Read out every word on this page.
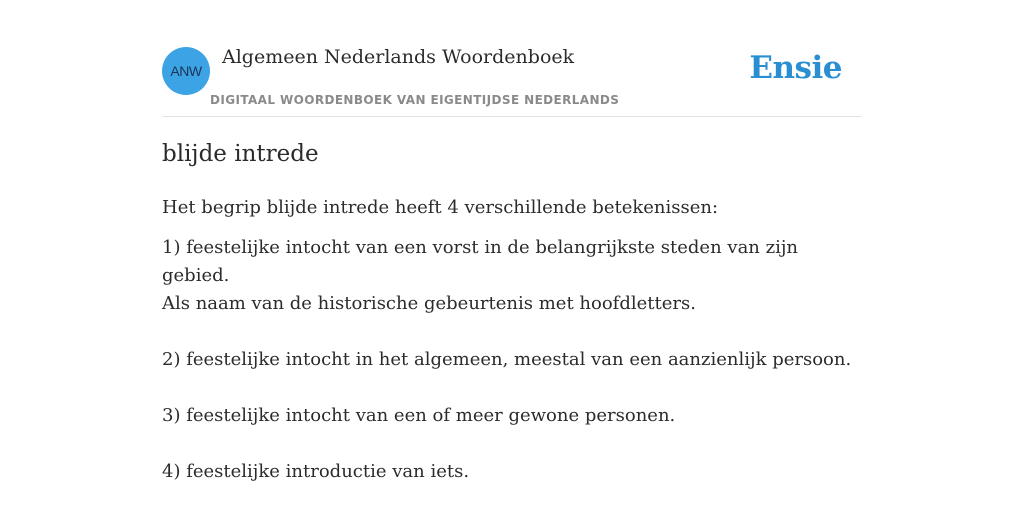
ANW
Algemeen Nederlands Woordenboek
DIGITAAL WOORDENBOEK VAN EIGENTIJDSE NEDERLANDS
Ensie
blijde intrede

Het begrip blijde intrede heeft 4 verschillende betekenissen:

1) feestelijke intocht van een vorst in de belangrijkste steden van zijn gebied.
Als naam van de historische gebeurtenis met hoofdletters.
2) feestelijke intocht in het algemeen, meestal van een aanzienlijk persoon.
3) feestelijke intocht van een of meer gewone personen.
4) feestelijke introductie van iets.
